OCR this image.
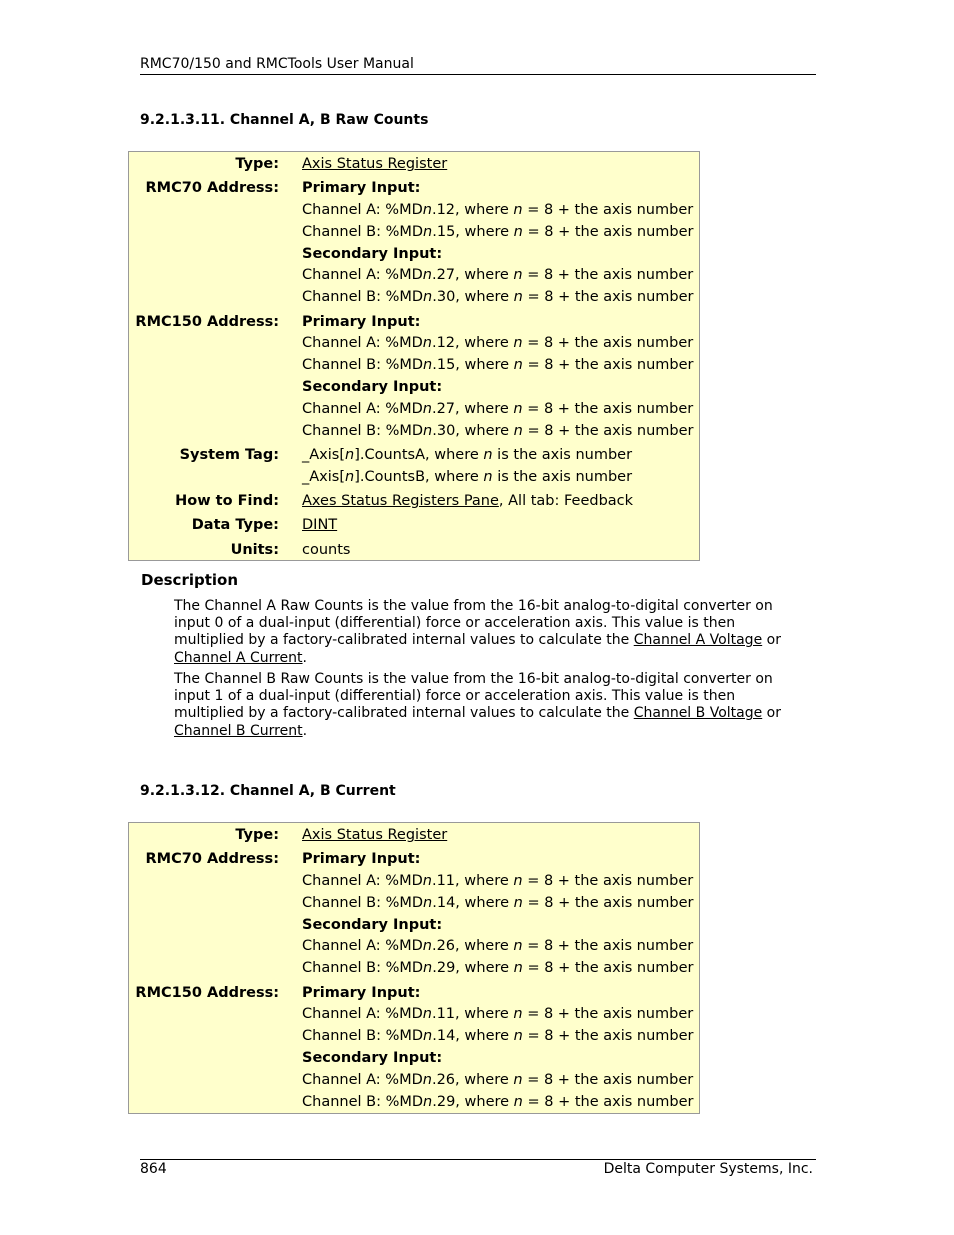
RMC70/150 and RMCTools User Manual
9.2.1.3.11. Channel A, B Raw Counts
Type: Axis Status Register
RMC70 Address: Primary Input:
Channel A: %MDn.12, where n = 8 + the axis number
Channel B: %MDn.15, where n = 8 + the axis number
Secondary Input:
Channel A: %MDn.27, where n = 8 + the axis number
Channel B: %MDn.30, where n = 8 + the axis number
RMC150 Address: Primary Input:
Channel A: %MDn.12, where n = 8 + the axis number
Channel B: %MDn.15, where n = 8 + the axis number
Secondary Input:
Channel A: %MDn.27, where n = 8 + the axis number
Channel B: %MDn.30, where n = 8 + the axis number
System Tag: _Axis[n].CountsA, where n is the axis number
_Axis[n].CountsB, where n is the axis number
How to Find: Axes Status Registers Pane, All tab: Feedback
Data Type: DINT
Units: counts
Description

The Channel A Raw Counts is the value from the 16-bit analog-to-digital converter on
input 0 of a dual-input (differential) force or acceleration axis. This value is then
multiplied by a factory-calibrated internal values to calculate the Channel A Voltage or
Channel A Current.

The Channel B Raw Counts is the value from the 16-bit analog-to-digital converter on
input 1 of a dual-input (differential) force or acceleration axis. This value is then
multiplied by a factory-calibrated internal values to calculate the Channel B Voltage or
Channel B Current.

9.2.1.3.12. Channel A, B Current
Type: Axis Status Register
RMC70 Address: Primary Input:
Channel A: %MDn.11, where n = 8 + the axis number
Channel B: %MDn.14, where n = 8 + the axis number
Secondary Input:
Channel A: %MDn.26, where n = 8 + the axis number
Channel B: %MDn.29, where n = 8 + the axis number
RMC150 Address: Primary Input:
Channel A: %MDn.11, where n = 8 + the axis number
Channel B: %MDn.14, where n = 8 + the axis number
Secondary Input:
Channel A: %MDn.26, where n = 8 + the axis number
Channel B: %MDn.29, where n = 8 + the axis number
864	Delta Computer Systems, Inc.
